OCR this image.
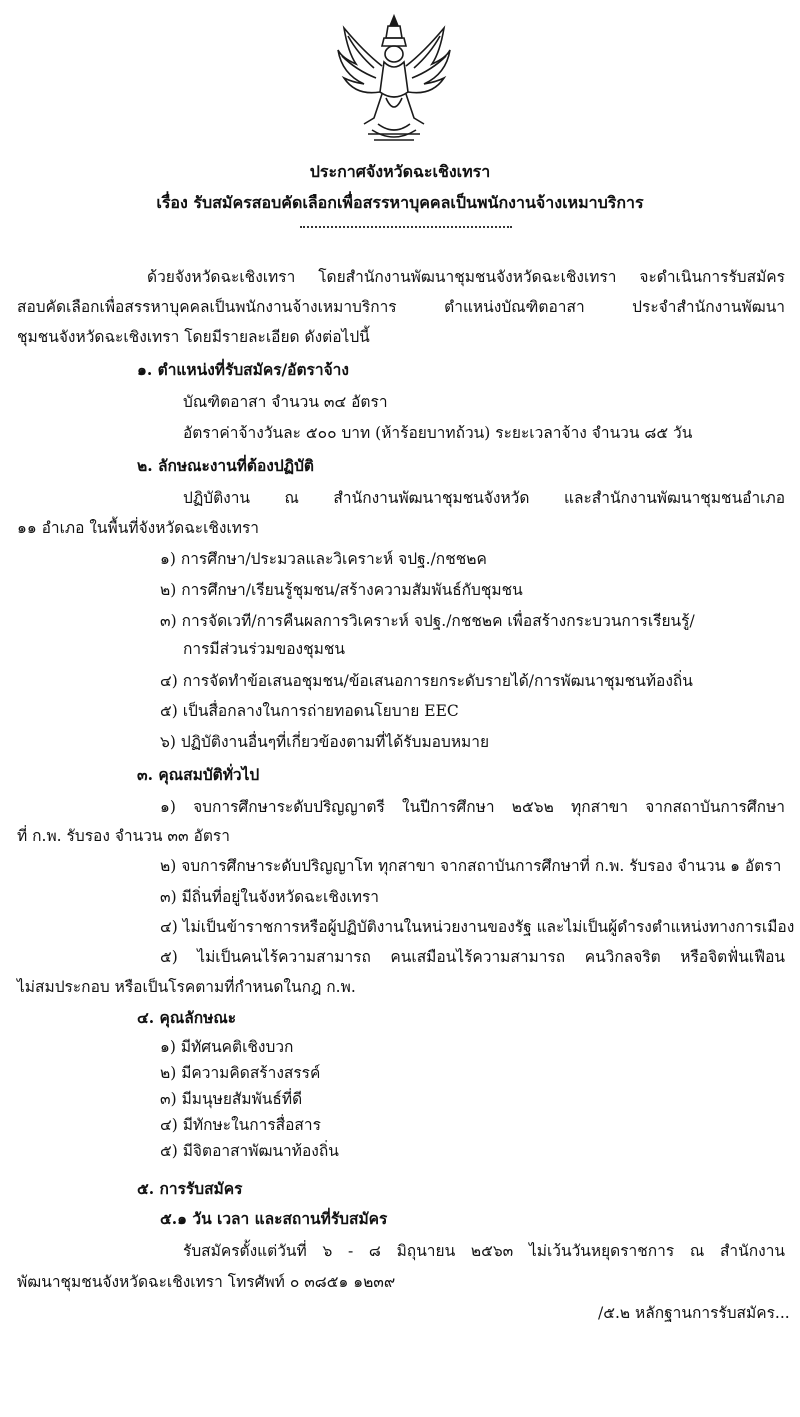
ประกาศจังหวัดฉะเชิงเทรา
เรื่อง รับสมัครสอบคัดเลือกเพื่อสรรหาบุคคลเป็นพนักงานจ้างเหมาบริการ
ด้วยจังหวัดฉะเชิงเทรา โดยสำนักงานพัฒนาชุมชนจังหวัดฉะเชิงเทรา จะดำเนินการรับสมัคร
สอบคัดเลือกเพื่อสรรหาบุคคลเป็นพนักงานจ้างเหมาบริการ ตำแหน่งบัณฑิตอาสา ประจำสำนักงานพัฒนา
ชุมชนจังหวัดฉะเชิงเทรา โดยมีรายละเอียด ดังต่อไปนี้
๑. ตำแหน่งที่รับสมัคร/อัตราจ้าง
บัณฑิตอาสา จำนวน ๓๔ อัตรา
อัตราค่าจ้างวันละ ๕๐๐ บาท (ห้าร้อยบาทถ้วน) ระยะเวลาจ้าง จำนวน ๘๕ วัน
๒. ลักษณะงานที่ต้องปฏิบัติ
ปฏิบัติงาน ณ สำนักงานพัฒนาชุมชนจังหวัด และสำนักงานพัฒนาชุมชนอำเภอ
๑๑ อำเภอ ในพื้นที่จังหวัดฉะเชิงเทรา
๑) การศึกษา/ประมวลและวิเคราะห์ จปฐ./กชช๒ค
๒) การศึกษา/เรียนรู้ชุมชน/สร้างความสัมพันธ์กับชุมชน
๓) การจัดเวที/การคืนผลการวิเคราะห์ จปฐ./กชช๒ค เพื่อสร้างกระบวนการเรียนรู้/
การมีส่วนร่วมของชุมชน
๔) การจัดทำข้อเสนอชุมชน/ข้อเสนอการยกระดับรายได้/การพัฒนาชุมชนท้องถิ่น
๕) เป็นสื่อกลางในการถ่ายทอดนโยบาย EEC
๖) ปฏิบัติงานอื่นๆที่เกี่ยวข้องตามที่ได้รับมอบหมาย
๓. คุณสมบัติทั่วไป
๑) จบการศึกษาระดับปริญญาตรี ในปีการศึกษา ๒๕๖๒ ทุกสาขา จากสถาบันการศึกษา
ที่ ก.พ. รับรอง จำนวน ๓๓ อัตรา
๒) จบการศึกษาระดับปริญญาโท ทุกสาขา จากสถาบันการศึกษาที่ ก.พ. รับรอง จำนวน ๑ อัตรา
๓) มีถิ่นที่อยู่ในจังหวัดฉะเชิงเทรา
๔) ไม่เป็นข้าราชการหรือผู้ปฏิบัติงานในหน่วยงานของรัฐ และไม่เป็นผู้ดำรงตำแหน่งทางการเมือง
๕) ไม่เป็นคนไร้ความสามารถ คนเสมือนไร้ความสามารถ คนวิกลจริต หรือจิตฟั่นเฟือน
ไม่สมประกอบ หรือเป็นโรคตามที่กำหนดในกฎ ก.พ.
๔. คุณลักษณะ
๑) มีทัศนคติเชิงบวก
๒) มีความคิดสร้างสรรค์
๓) มีมนุษยสัมพันธ์ที่ดี
๔) มีทักษะในการสื่อสาร
๕) มีจิตอาสาพัฒนาท้องถิ่น
๕. การรับสมัคร
๕.๑ วัน เวลา และสถานที่รับสมัคร
รับสมัครตั้งแต่วันที่ ๖ - ๘ มิถุนายน ๒๕๖๓ ไม่เว้นวันหยุดราชการ ณ สำนักงาน
พัฒนาชุมชนจังหวัดฉะเชิงเทรา โทรศัพท์ ๐ ๓๘๕๑ ๑๒๓๙
/๕.๒ หลักฐานการรับสมัคร...
